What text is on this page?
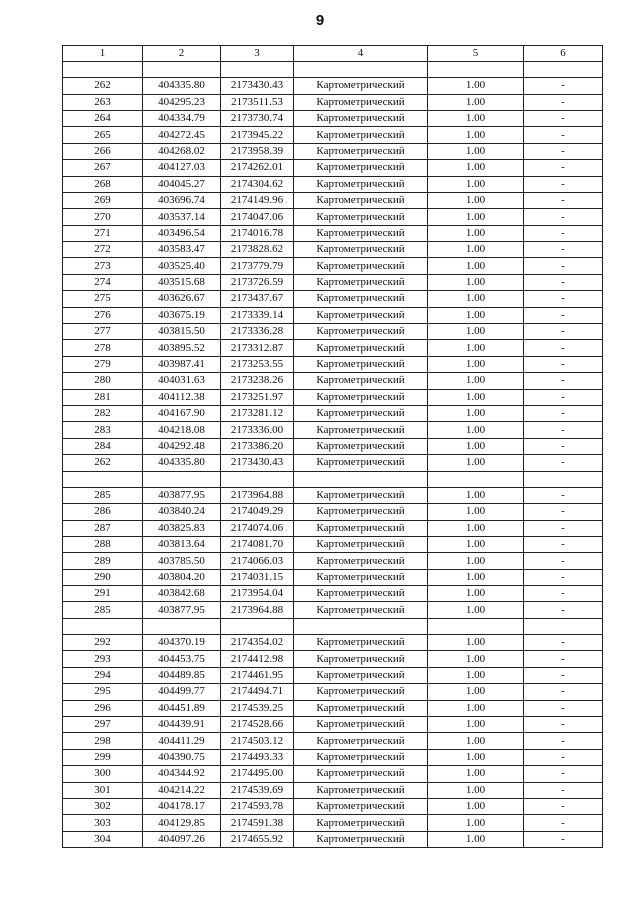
9
1	2	3	4	5	6

262	404335.80	2173430.43	Картометрический	1.00	-
263	404295.23	2173511.53	Картометрический	1.00	-
264	404334.79	2173730.74	Картометрический	1.00	-
265	404272.45	2173945.22	Картометрический	1.00	-
266	404268.02	2173958.39	Картометрический	1.00	-
267	404127.03	2174262.01	Картометрический	1.00	-
268	404045.27	2174304.62	Картометрический	1.00	-
269	403696.74	2174149.96	Картометрический	1.00	-
270	403537.14	2174047.06	Картометрический	1.00	-
271	403496.54	2174016.78	Картометрический	1.00	-
272	403583.47	2173828.62	Картометрический	1.00	-
273	403525.40	2173779.79	Картометрический	1.00	-
274	403515.68	2173726.59	Картометрический	1.00	-
275	403626.67	2173437.67	Картометрический	1.00	-
276	403675.19	2173339.14	Картометрический	1.00	-
277	403815.50	2173336.28	Картометрический	1.00	-
278	403895.52	2173312.87	Картометрический	1.00	-
279	403987.41	2173253.55	Картометрический	1.00	-
280	404031.63	2173238.26	Картометрический	1.00	-
281	404112.38	2173251.97	Картометрический	1.00	-
282	404167.90	2173281.12	Картометрический	1.00	-
283	404218.08	2173336.00	Картометрический	1.00	-
284	404292.48	2173386.20	Картометрический	1.00	-
262	404335.80	2173430.43	Картометрический	1.00	-

285	403877.95	2173964.88	Картометрический	1.00	-
286	403840.24	2174049.29	Картометрический	1.00	-
287	403825.83	2174074.06	Картометрический	1.00	-
288	403813.64	2174081.70	Картометрический	1.00	-
289	403785.50	2174066.03	Картометрический	1.00	-
290	403804.20	2174031.15	Картометрический	1.00	-
291	403842.68	2173954.04	Картометрический	1.00	-
285	403877.95	2173964.88	Картометрический	1.00	-

292	404370.19	2174354.02	Картометрический	1.00	-
293	404453.75	2174412.98	Картометрический	1.00	-
294	404489.85	2174461.95	Картометрический	1.00	-
295	404499.77	2174494.71	Картометрический	1.00	-
296	404451.89	2174539.25	Картометрический	1.00	-
297	404439.91	2174528.66	Картометрический	1.00	-
298	404411.29	2174503.12	Картометрический	1.00	-
299	404390.75	2174493.33	Картометрический	1.00	-
300	404344.92	2174495.00	Картометрический	1.00	-
301	404214.22	2174539.69	Картометрический	1.00	-
302	404178.17	2174593.78	Картометрический	1.00	-
303	404129.85	2174591.38	Картометрический	1.00	-
304	404097.26	2174655.92	Картометрический	1.00	-
